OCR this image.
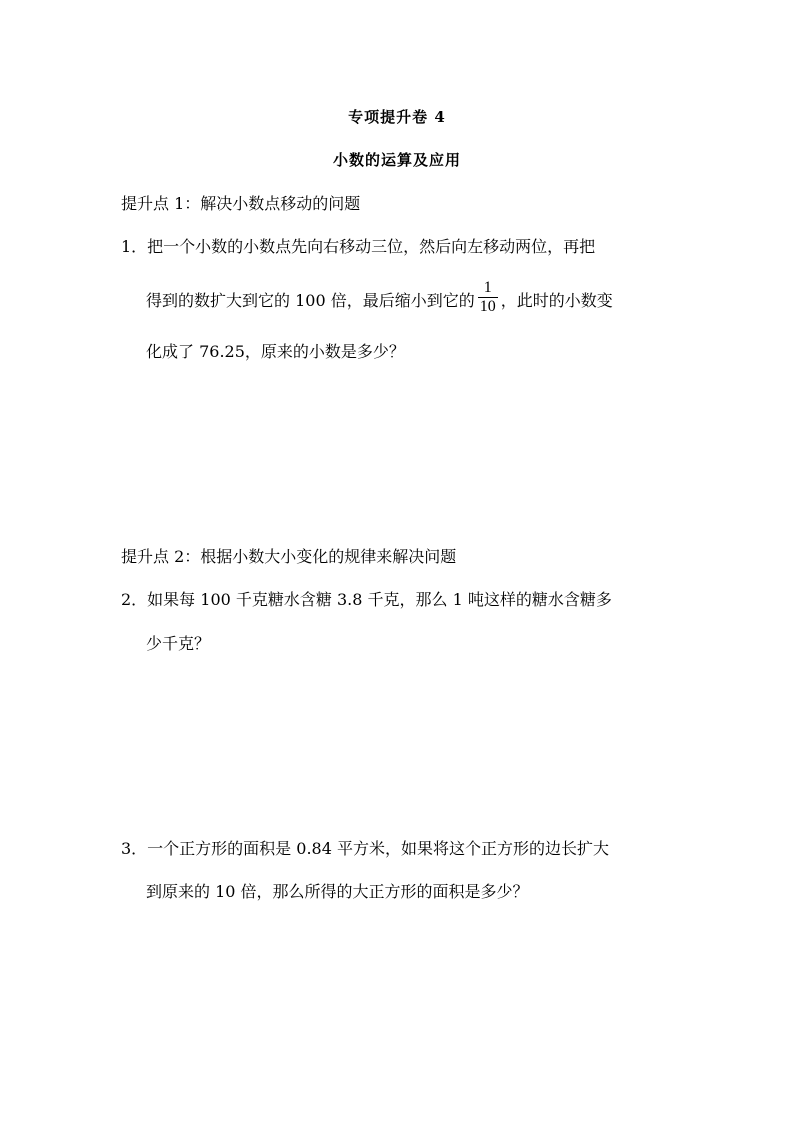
专项提升卷 4
小数的运算及应用
提升点 1：解决小数点移动的问题
1．把一个小数的小数点先向右移动三位，然后向左移动两位，再把
得到的数扩大到它的 100 倍，最后缩小到它的 $\frac{1}{10}$ ，此时的小数变
化成了 76.25，原来的小数是多少？
提升点 2：根据小数大小变化的规律来解决问题
2．如果每 100 千克糖水含糖 3.8 千克，那么 1 吨这样的糖水含糖多
少千克？
3．一个正方形的面积是 0.84 平方米，如果将这个正方形的边长扩大
到原来的 10 倍，那么所得的大正方形的面积是多少？
